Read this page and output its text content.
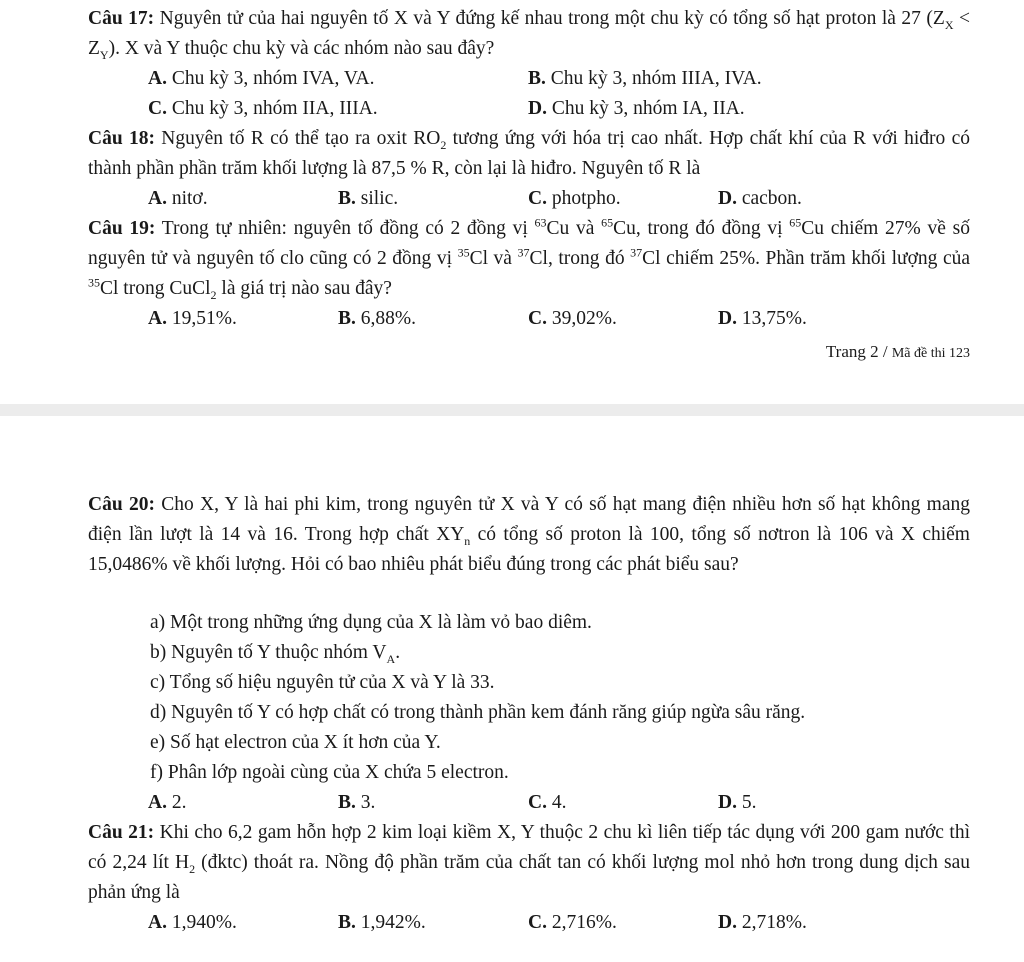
Câu 17: Nguyên tử của hai nguyên tố X và Y đứng kế nhau trong một chu kỳ có tổng số hạt proton là 27 $(Z_X < Z_Y)$. X và Y thuộc chu kỳ và các nhóm nào sau đây?
A. Chu kỳ 3, nhóm IVA, VA.	B. Chu kỳ 3, nhóm IIIA, IVA.
C. Chu kỳ 3, nhóm IIA, IIIA.	D. Chu kỳ 3, nhóm IA, IIA.
Câu 18: Nguyên tố R có thể tạo ra oxit $RO_2$ tương ứng với hóa trị cao nhất. Hợp chất khí của R với hiđro có thành phần phần trăm khối lượng là 87,5 % R, còn lại là hiđro. Nguyên tố R là
A. nitơ.	B. silic.	C. photpho.	D. cacbon.
Câu 19: Trong tự nhiên: nguyên tố đồng có 2 đồng vị $^{63}$Cu và $^{65}$Cu, trong đó đồng vị $^{65}$Cu chiếm 27% về số nguyên tử và nguyên tố clo cũng có 2 đồng vị $^{35}$Cl và $^{37}$Cl, trong đó $^{37}$Cl chiếm 25%. Phần trăm khối lượng của $^{35}$Cl trong CuCl$_2$ là giá trị nào sau đây?
A. 19,51%.	B. 6,88%.	C. 39,02%.	D. 13,75%.
Trang 2 / Mã đề thi 123
Câu 20: Cho X, Y là hai phi kim, trong nguyên tử X và Y có số hạt mang điện nhiều hơn số hạt không mang điện lần lượt là 14 và 16. Trong hợp chất $XY_n$ có tổng số proton là 100, tổng số nơtron là 106 và X chiếm 15,0486% về khối lượng. Hỏi có bao nhiêu phát biểu đúng trong các phát biểu sau?
a) Một trong những ứng dụng của X là làm vỏ bao diêm.
b) Nguyên tố Y thuộc nhóm $V_A$.
c) Tổng số hiệu nguyên tử của X và Y là 33.
d) Nguyên tố Y có hợp chất có trong thành phần kem đánh răng giúp ngừa sâu răng.
e) Số hạt electron của X ít hơn của Y.
f) Phân lớp ngoài cùng của X chứa 5 electron.
A. 2.	B. 3.	C. 4.	D. 5.
Câu 21: Khi cho 6,2 gam hỗn hợp 2 kim loại kiềm X, Y thuộc 2 chu kì liên tiếp tác dụng với 200 gam nước thì có 2,24 lít $H_2$ (đktc) thoát ra. Nồng độ phần trăm của chất tan có khối lượng mol nhỏ hơn trong dung dịch sau phản ứng là
A. 1,940%.	B. 1,942%.	C. 2,716%.	D. 2,718%.
